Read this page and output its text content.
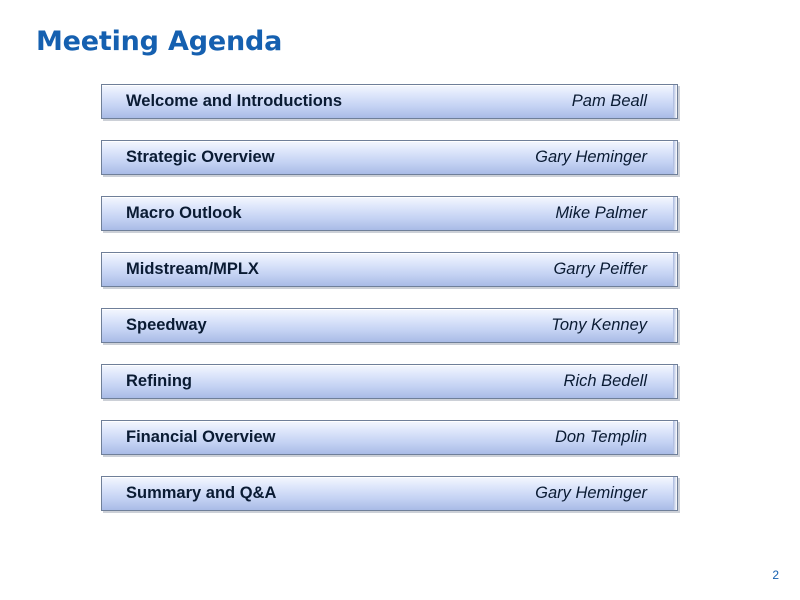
Meeting Agenda
Welcome and Introductions	Pam Beall
Strategic Overview	Gary Heminger
Macro Outlook	Mike Palmer
Midstream/MPLX	Garry Peiffer
Speedway	Tony Kenney
Refining	Rich Bedell
Financial Overview	Don Templin
Summary and Q&A	Gary Heminger
2
